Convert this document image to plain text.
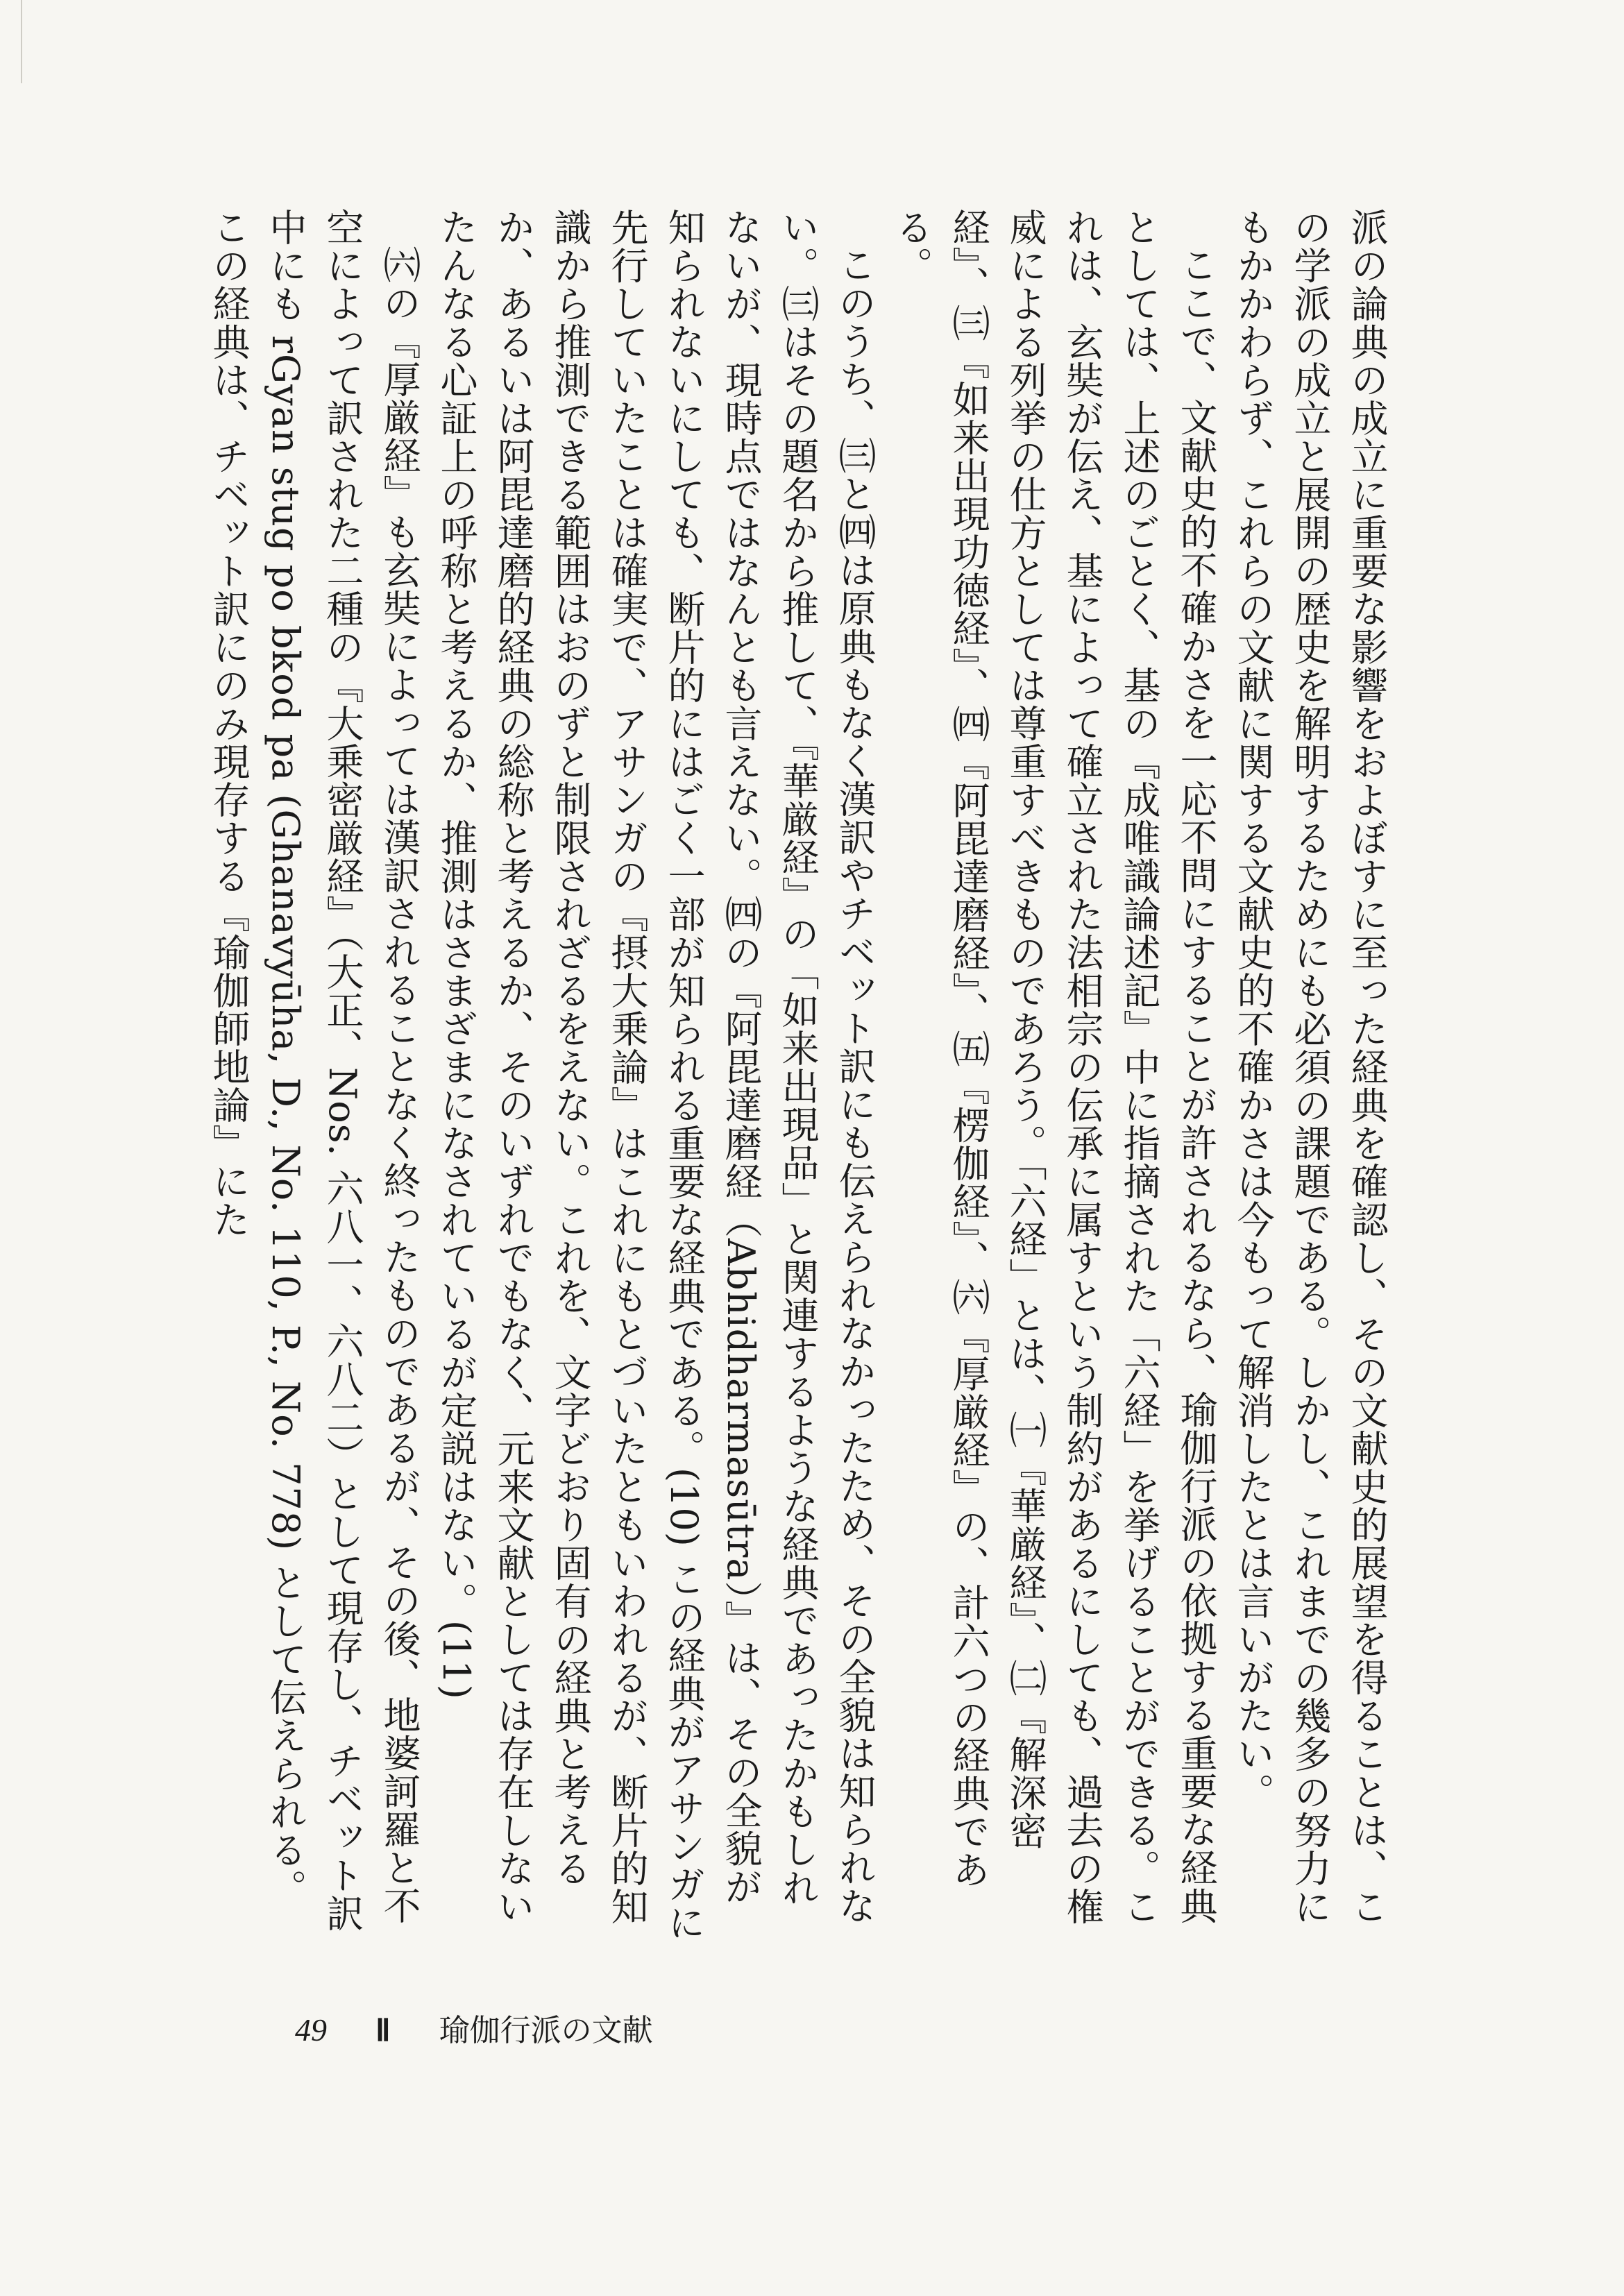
派の論典の成立に重要な影響をおよぼすに至った経典を確認し、その文献史的展望を得ることは、この学派の成立と展開の歴史を解明するためにも必須の課題である。しかし、これまでの幾多の努力にもかかわらず、これらの文献に関する文献史的不確かさは今もって解消したとは言いがたい。

ここで、文献史的不確かさを一応不問にすることが許されるなら、瑜伽行派の依拠する重要な経典としては、上述のごとく、基の『成唯識論述記』中に指摘された「六経」を挙げることができる。これは、玄奘が伝え、基によって確立された法相宗の伝承に属すという制約があるにしても、過去の権威による列挙の仕方としては尊重すべきものであろう。「六経」とは、㈠『華厳経』、㈡『解深密経』、㈢『如来出現功徳経』、㈣『阿毘達磨経』、㈤『楞伽経』、㈥『厚厳経』の、計六つの経典である。

このうち、㈢と㈣は原典もなく漢訳やチベット訳にも伝えられなかったため、その全貌は知られない。㈢はその題名から推して、『華厳経』の「如来出現品」と関連するような経典であったかもしれないが、現時点ではなんとも言えない。㈣の『阿毘達磨経（Abhidharmasūtra）』は、その全貌が知られないにしても、断片的にはごく一部が知られる重要な経典である。(10) この経典がアサンガに先行していたことは確実で、アサンガの『摂大乗論』はこれにもとづいたともいわれるが、断片的知識から推測できる範囲はおのずと制限されざるをえない。これを、文字どおり固有の経典と考えるか、あるいは阿毘達磨的経典の総称と考えるか、そのいずれでもなく、元来文献としては存在しないたんなる心証上の呼称と考えるか、推測はさまざまになされているが定説はない。(11)

㈥の『厚厳経』も玄奘によっては漢訳されることなく終ったものであるが、その後、地婆訶羅と不空によって訳された二種の『大乗密厳経』（大正、Nos. 六八一、六八二）として現存し、チベット訳中にも rGyan stug po bkod pa (Ghanavyūha, D., No. 110, P., No. 778) として伝えられる。この経典は、チベット訳にのみ現存する『瑜伽師地論』にた

49 Ⅱ 瑜伽行派の文献
